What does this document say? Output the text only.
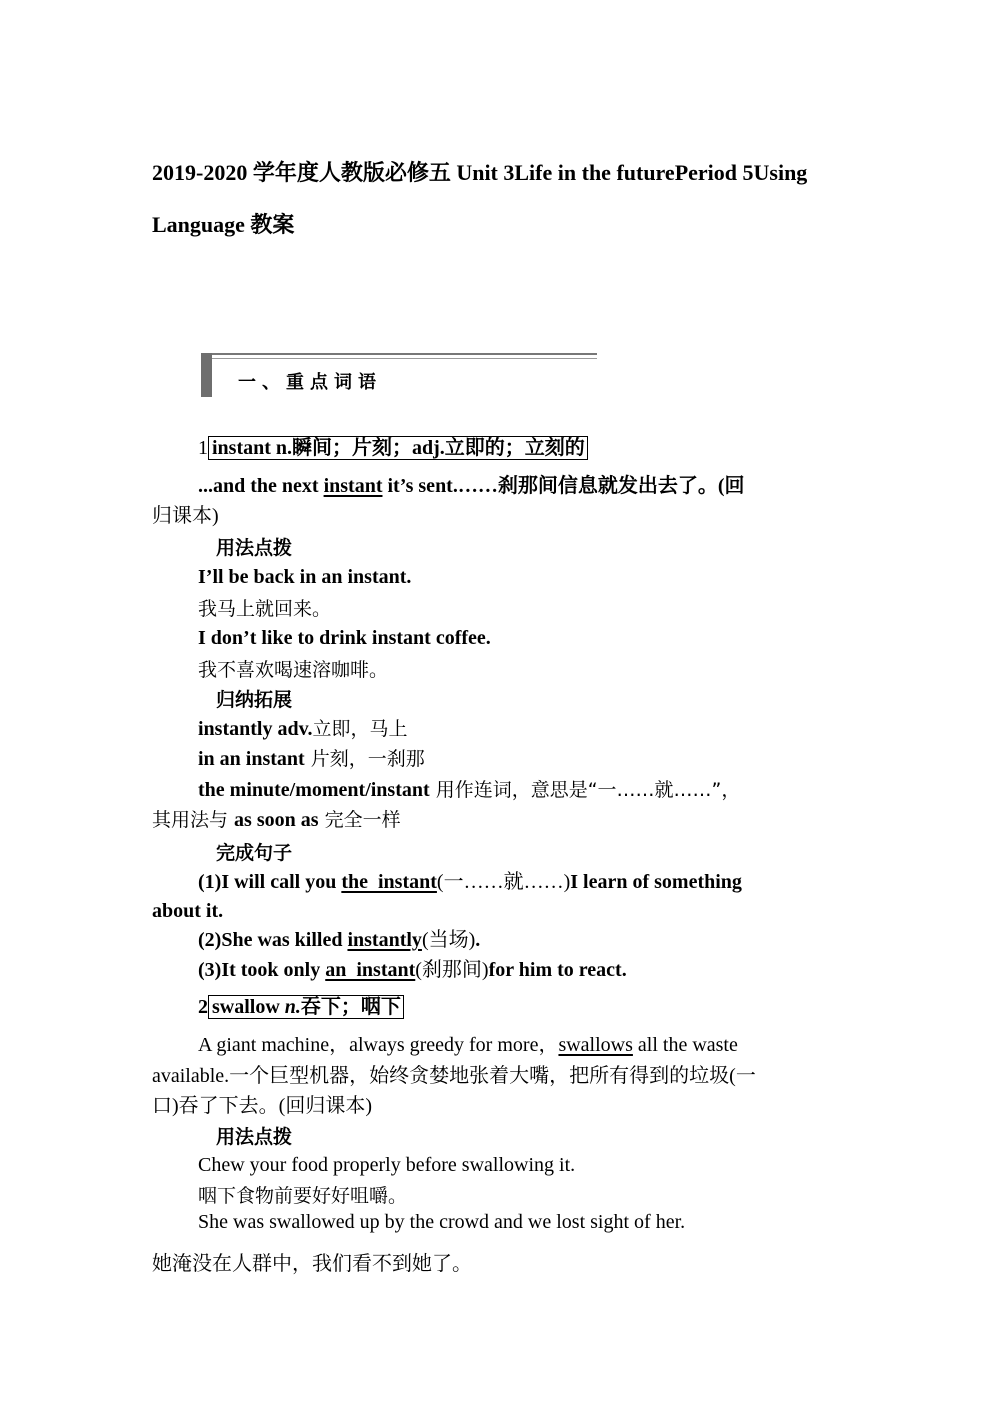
2019-2020 学年度人教版必修五 Unit 3Life in the futurePeriod 5Using
Language 教案
一、重点词语
1 instant n.瞬间；片刻；adj.立即的；立刻的
...and the next instant it’s sent.……刹那间信息就发出去了。(回
归课本)
用法点拨
I’ll be back in an instant.
我马上就回来。
I don’t like to drink instant coffee.
我不喜欢喝速溶咖啡。
归纳拓展
instantly adv.立即，马上
in an instant 片刻，一刹那
the minute/moment/instant 用作连词，意思是“一……就……”，
其用法与 as soon as 完全一样
完成句子
(1)I will call you the  instant(一……就……)I learn of something
about it.
(2)She was killed instantly(当场).
(3)It took only an  instant(刹那间)for him to react.
2 swallow n.吞下；咽下
A giant machine，always greedy for more，swallows all the waste
available.一个巨型机器，始终贪婪地张着大嘴，把所有得到的垃圾(一
口)吞了下去。(回归课本)
用法点拨
Chew your food properly before swallowing it.
咽下食物前要好好咀嚼。
She was swallowed up by the crowd and we lost sight of her.
她淹没在人群中，我们看不到她了。
